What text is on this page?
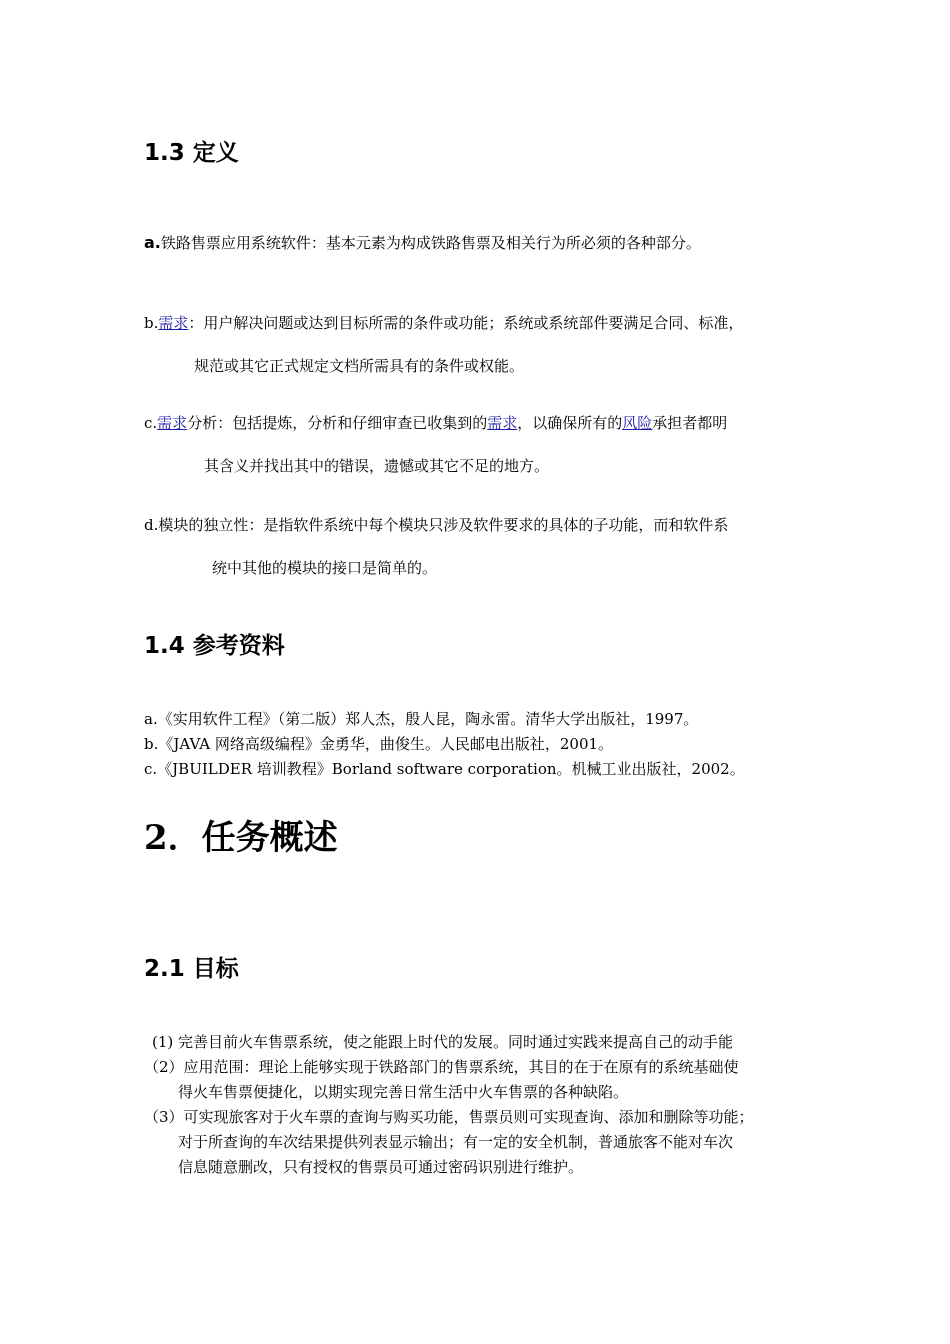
1.3 定义
a.铁路售票应用系统软件：基本元素为构成铁路售票及相关行为所必须的各种部分。
b.需求：用户解决问题或达到目标所需的条件或功能；系统或系统部件要满足合同、标准，
规范或其它正式规定文档所需具有的条件或权能。
c.需求分析：包括提炼，分析和仔细审查已收集到的需求，以确保所有的风险承担者都明
其含义并找出其中的错误，遗憾或其它不足的地方。
d.模块的独立性：是指软件系统中每个模块只涉及软件要求的具体的子功能，而和软件系
统中其他的模块的接口是简单的。
1.4 参考资料
a.《实用软件工程》（第二版）郑人杰，殷人昆，陶永雷。清华大学出版社，1997。
b.《JAVA 网络高级编程》金勇华，曲俊生。人民邮电出版社，2001。
c.《JBUILDER 培训教程》Borland software corporation。机械工业出版社，2002。
2．任务概述
2.1 目标
(1) 完善目前火车售票系统，使之能跟上时代的发展。同时通过实践来提高自己的动手能
（2）应用范围：理论上能够实现于铁路部门的售票系统，其目的在于在原有的系统基础使
得火车售票便捷化，以期实现完善日常生活中火车售票的各种缺陷。
（3）可实现旅客对于火车票的查询与购买功能，售票员则可实现查询、添加和删除等功能；
对于所查询的车次结果提供列表显示输出；有一定的安全机制，普通旅客不能对车次
信息随意删改，只有授权的售票员可通过密码识别进行维护。
